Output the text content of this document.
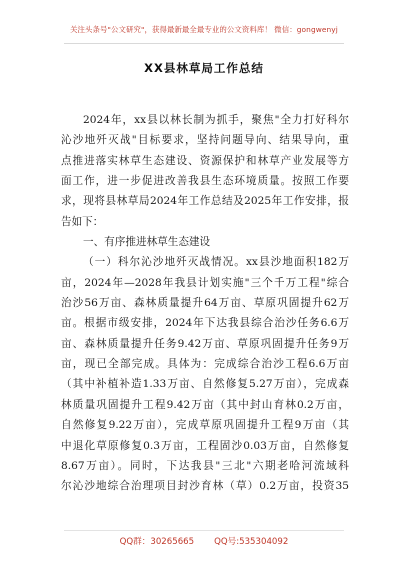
关注头条号"公文研究"，获得最新最全最专业的公文资料库！ 微信：gongwenyj
XX县林草局工作总结
2024年，xx县以林长制为抓手，聚焦"全力打好科尔
沁沙地歼灭战"目标要求，坚持问题导向、结果导向，重
点推进落实林草生态建设、资源保护和林草产业发展等方
面工作，进一步促进改善我县生态环境质量。按照工作要
求，现将县林草局2024年工作总结及2025年工作安排，报
告如下：
一、有序推进林草生态建设
（一）科尔沁沙地歼灭战情况。xx县沙地面积182万
亩，2024年—2028年我县计划实施"三个千万工程"综合
治沙56万亩、森林质量提升64万亩、草原巩固提升62万
亩。根据市级安排，2024年下达我县综合治沙任务6.6万
亩、森林质量提升任务9.42万亩、草原巩固提升任务9万
亩，现已全部完成。具体为：完成综合治沙工程6.6万亩
（其中补植补造1.33万亩、自然修复5.27万亩），完成森
林质量巩固提升工程9.42万亩（其中封山育林0.2万亩，
自然修复9.22万亩），完成草原巩固提升工程9万亩（其
中退化草原修复0.3万亩，工程固沙0.03万亩，自然修复
8.67万亩）。同时，下达我县"三北"六期老哈河流域科
尔沁沙地综合治理项目封沙育林（草）0.2万亩，投资35
QQ群：30265665 QQ号:535304092
